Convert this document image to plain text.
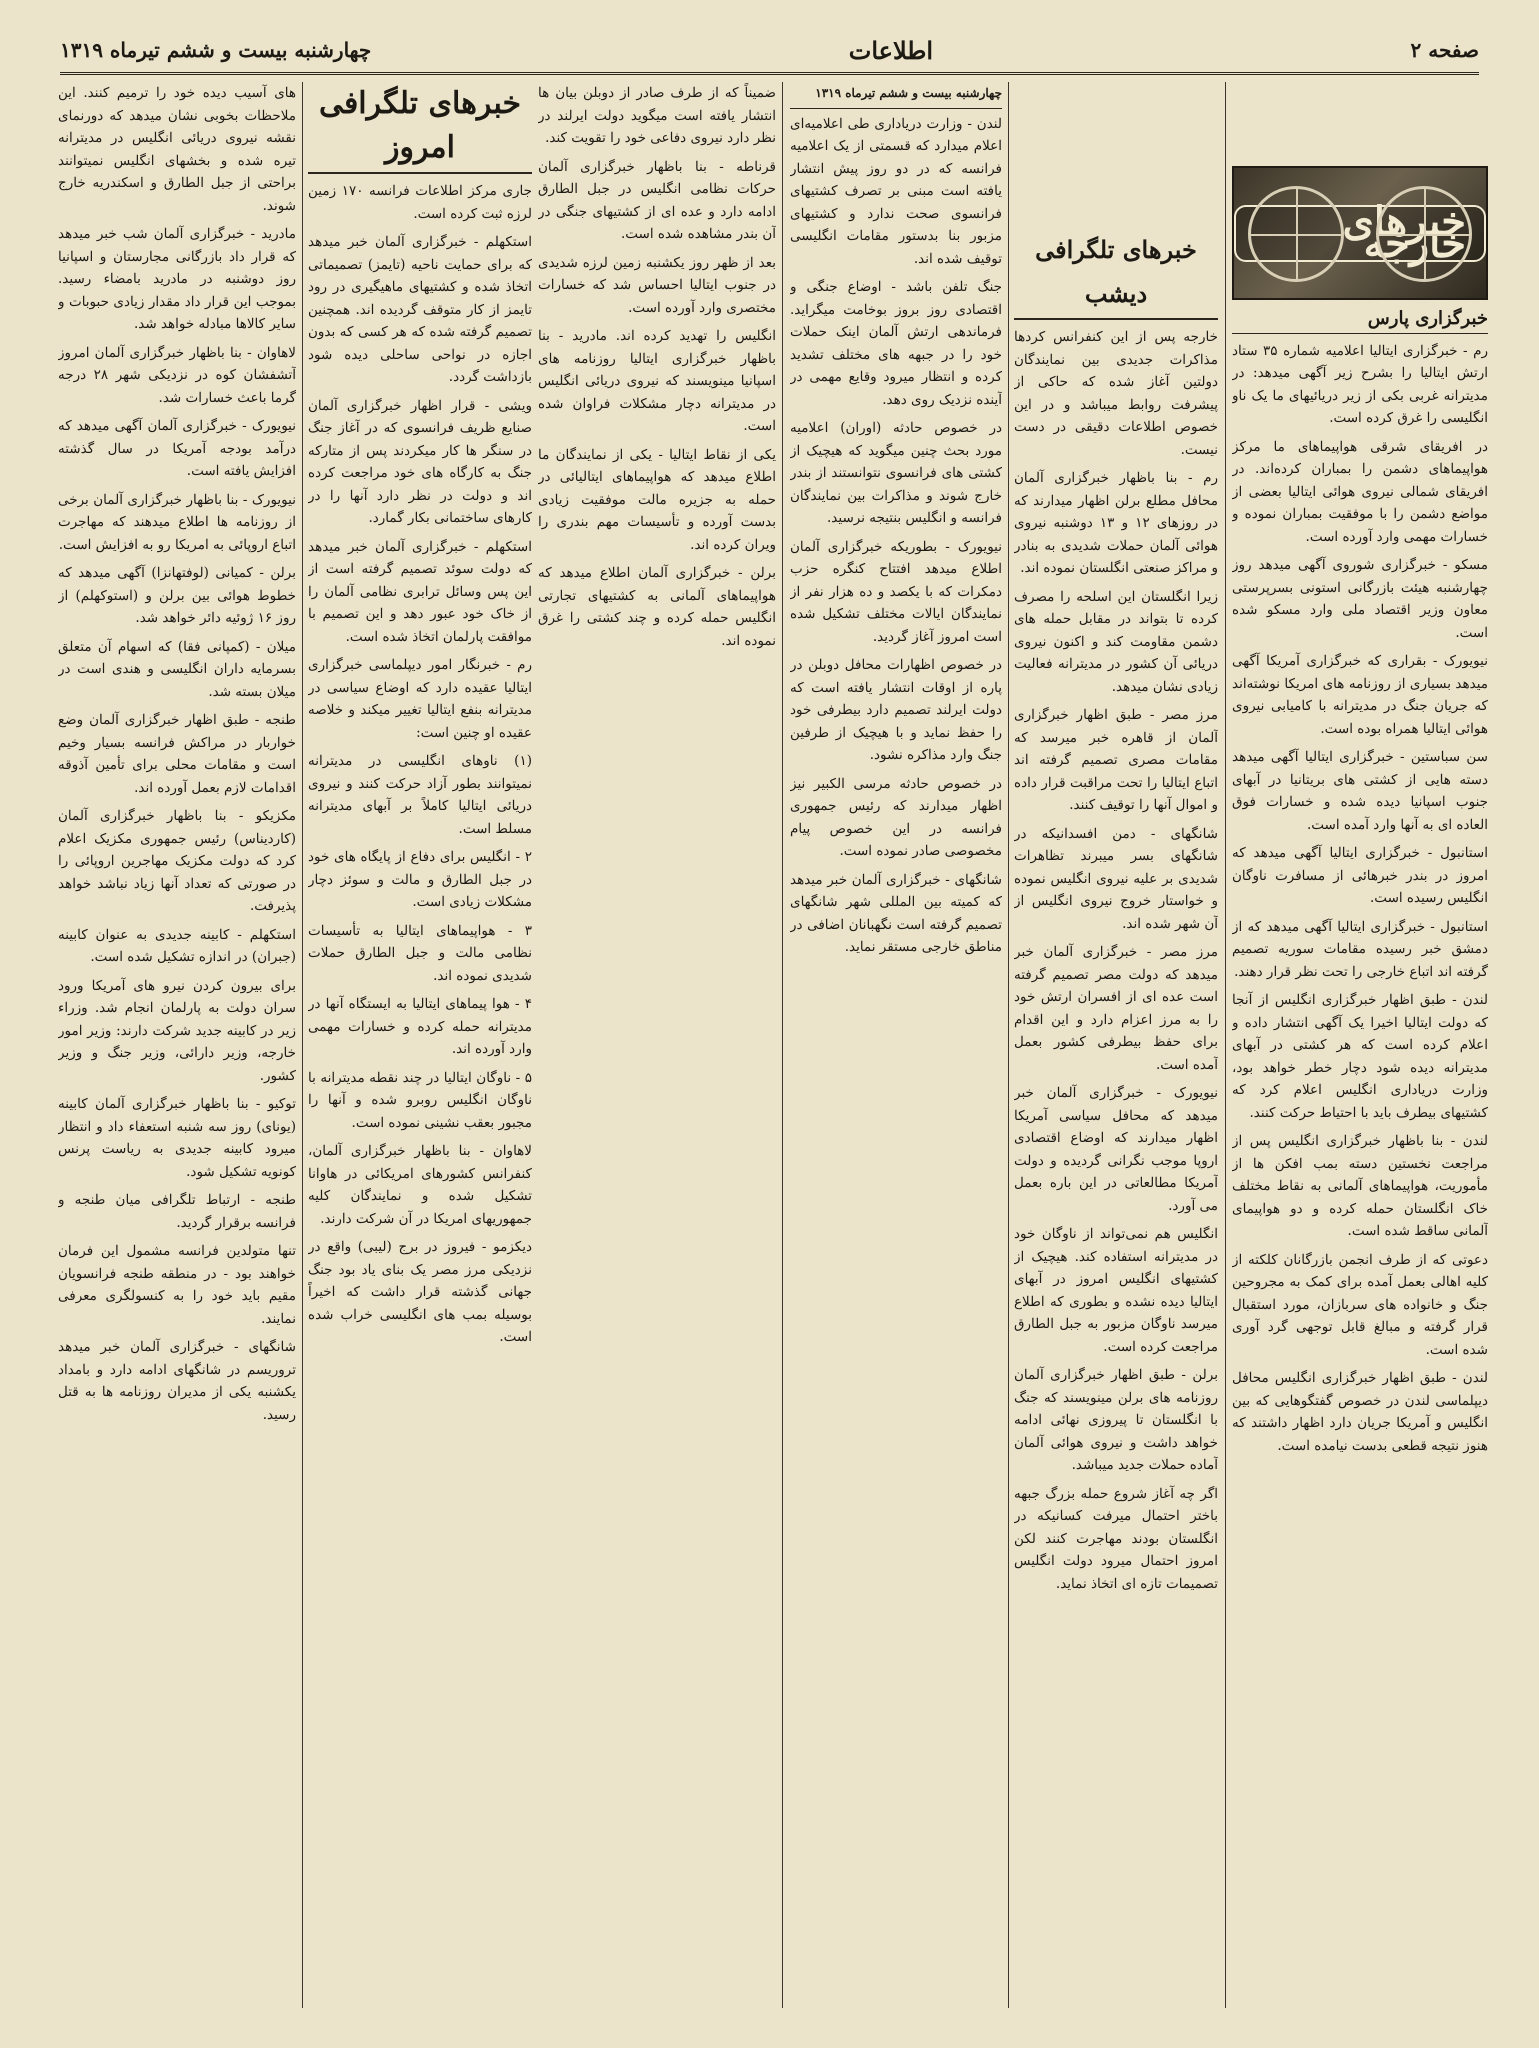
صفحه ۲
اطلاعات
چهارشنبه بیست و ششم تیرماه ۱۳۱۹
خبرهای خارجه
خبرگزاری پارس

رم - خبرگزاری ایتالیا اعلامیه شماره ۳۵ ستاد ارتش ایتالیا را بشرح زیر آگهی میدهد: در مدیترانه غربی بکی از زیر دریائیهای ما یک ناو انگلیسی را غرق کرده است.

در افریقای شرقی هواپیماهای ما مرکز هواپیماهای دشمن را بمباران کرده‌اند. در افریقای شمالی نیروی هوائی ایتالیا بعضی از مواضع دشمن را با موفقیت بمباران نموده و خسارات مهمی وارد آورده است.

مسکو - خبرگزاری شوروی آگهی میدهد روز چهارشنبه هیئت بازرگانی استونی بسرپرستی معاون وزیر اقتصاد ملی وارد مسکو شده است.

نیویورک - بقراری که خبرگزاری آمریکا آگهی میدهد بسیاری از روزنامه های امریکا نوشته‌اند که جریان جنگ در مدیترانه با کامیابی نیروی هوائی ایتالیا همراه بوده است.

سن سباستین - خبرگزاری ایتالیا آگهی میدهد دسته هایی از کشتی های بریتانیا در آبهای جنوب اسپانیا دیده شده و خسارات فوق العاده ای به آنها وارد آمده است.

استانبول - خبرگزاری ایتالیا آگهی میدهد که امروز در بندر خبرهائی از مسافرت ناوگان انگلیس رسیده است.

استانبول - خبرگزاری ایتالیا آگهی میدهد که از دمشق خبر رسیده مقامات سوریه تصمیم گرفته اند اتباع خارجی را تحت نظر قرار دهند.

لندن - طبق اظهار خبرگزاری انگلیس از آنجا که دولت ایتالیا اخیرا یک آگهی انتشار داده و اعلام کرده است که هر کشتی در آبهای مدیترانه دیده شود دچار خطر خواهد بود، وزارت دریاداری انگلیس اعلام کرد که کشتیهای بیطرف باید با احتیاط حرکت کنند.

لندن - بنا باظهار خبرگزاری انگلیس پس از مراجعت نخستین دسته بمب افکن ها از مأموریت، هواپیماهای آلمانی به نقاط مختلف خاک انگلستان حمله کرده و دو هواپیمای آلمانی ساقط شده است.

دعوتی که از طرف انجمن بازرگانان کلکته از کلیه اهالی بعمل آمده برای کمک به مجروحین جنگ و خانواده های سربازان، مورد استقبال قرار گرفته و مبالغ قابل توجهی گرد آوری شده است.

لندن - طبق اظهار خبرگزاری انگلیس محافل دیپلماسی لندن در خصوص گفتگوهایی که بین انگلیس و آمریکا جریان دارد اظهار داشتند که هنوز نتیجه قطعی بدست نیامده است.

خبرهای تلگرافی دیشب

خارجه پس از این کنفرانس کردها مذاکرات جدیدی بین نمایندگان دولتین آغاز شده که حاکی از پیشرفت روابط میباشد و در این خصوص اطلاعات دقیقی در دست نیست.

رم - بنا باظهار خبرگزاری آلمان محافل مطلع برلن اظهار میدارند که در روزهای ۱۲ و ۱۳ دوشنبه نیروی هوائی آلمان حملات شدیدی به بنادر و مراکز صنعتی انگلستان نموده اند.

زیرا انگلستان این اسلحه را مصرف کرده تا بتواند در مقابل حمله های دشمن مقاومت کند و اکنون نیروی دریائی آن کشور در مدیترانه فعالیت زیادی نشان میدهد.

مرز مصر - طبق اظهار خبرگزاری آلمان از قاهره خبر میرسد که مقامات مصری تصمیم گرفته اند اتباع ایتالیا را تحت مراقبت قرار داده و اموال آنها را توقیف کنند.

شانگهای - دمن افسدانیکه در شانگهای بسر میبرند تظاهرات شدیدی بر علیه نیروی انگلیس نموده و خواستار خروج نیروی انگلیس از آن شهر شده اند.

مرز مصر - خبرگزاری آلمان خبر میدهد که دولت مصر تصمیم گرفته است عده ای از افسران ارتش خود را به مرز اعزام دارد و این اقدام برای حفظ بیطرفی کشور بعمل آمده است.

نیویورک - خبرگزاری آلمان خبر میدهد که محافل سیاسی آمریکا اظهار میدارند که اوضاع اقتصادی اروپا موجب نگرانی گردیده و دولت آمریکا مطالعاتی در این باره بعمل می آورد.

انگلیس هم نمی‌تواند از ناوگان خود در مدیترانه استفاده کند. هیچیک از کشتیهای انگلیس امروز در آبهای ایتالیا دیده نشده و بطوری که اطلاع میرسد ناوگان مزبور به جبل الطارق مراجعت کرده است.

برلن - طبق اظهار خبرگزاری آلمان روزنامه های برلن مینویسند که جنگ با انگلستان تا پیروزی نهائی ادامه خواهد داشت و نیروی هوائی آلمان آماده حملات جدید میباشد.

اگر چه آغاز شروع حمله بزرگ جبهه باختر احتمال میرفت کسانیکه در انگلستان بودند مهاجرت کنند لکن امروز احتمال میرود دولت انگلیس تصمیمات تازه ای اتخاذ نماید.

چهارشنبه بیست و ششم تیرماه ۱۳۱۹

لندن - وزارت دریاداری طی اعلامیه‌ای اعلام میدارد که قسمتی از یک اعلامیه فرانسه که در دو روز پیش انتشار یافته است مبنی بر تصرف کشتیهای فرانسوی صحت ندارد و کشتیهای مزبور بنا بدستور مقامات انگلیسی توقیف شده اند.

جنگ تلفن باشد - اوضاع جنگی و اقتصادی روز بروز بوخامت میگراید. فرماندهی ارتش آلمان اینک حملات خود را در جبهه های مختلف تشدید کرده و انتظار میرود وقایع مهمی در آینده نزدیک روی دهد.

در خصوص حادثه (اوران) اعلامیه مورد بحث چنین میگوید که هیچیک از کشتی های فرانسوی نتوانستند از بندر خارج شوند و مذاکرات بین نمایندگان فرانسه و انگلیس بنتیجه نرسید.

نیویورک - بطوریکه خبرگزاری آلمان اطلاع میدهد افتتاح کنگره حزب دمکرات که با یکصد و ده هزار نفر از نمایندگان ایالات مختلف تشکیل شده است امروز آغاز گردید.

در خصوص اظهارات محافل دوبلن در پاره از اوقات انتشار یافته است که دولت ایرلند تصمیم دارد بیطرفی خود را حفظ نماید و با هیچیک از طرفین جنگ وارد مذاکره نشود.

در خصوص حادثه مرسی الکبیر نیز اظهار میدارند که رئیس جمهوری فرانسه در این خصوص پیام مخصوصی صادر نموده است.

شانگهای - خبرگزاری آلمان خبر میدهد که کمیته بین المللی شهر شانگهای تصمیم گرفته است نگهبانان اضافی در مناطق خارجی مستقر نماید.

ضمیناً که از طرف صادر از دوبلن بیان ها انتشار یافته است میگوید دولت ایرلند در نظر دارد نیروی دفاعی خود را تقویت کند.

قرناطه - بنا باظهار خبرگزاری آلمان حرکات نظامی انگلیس در جبل الطارق ادامه دارد و عده ای از کشتیهای جنگی در آن بندر مشاهده شده است.

بعد از ظهر روز یکشنبه زمین لرزه شدیدی در جنوب ایتالیا احساس شد که خسارات مختصری وارد آورده است.

انگلیس را تهدید کرده اند. مادرید - بنا باظهار خبرگزاری ایتالیا روزنامه های اسپانیا مینویسند که نیروی دریائی انگلیس در مدیترانه دچار مشکلات فراوان شده است.

یکی از نقاط ایتالیا - یکی از نمایندگان ما اطلاع میدهد که هواپیماهای ایتالیائی در حمله به جزیره مالت موفقیت زیادی بدست آورده و تأسیسات مهم بندری را ویران کرده اند.

برلن - خبرگزاری آلمان اطلاع میدهد که هواپیماهای آلمانی به کشتیهای تجارتی انگلیس حمله کرده و چند کشتی را غرق نموده اند.

خبرهای تلگرافی امروز

جاری مرکز اطلاعات فرانسه ۱۷۰ زمین لرزه ثبت کرده است.

استکهلم - خبرگزاری آلمان خبر میدهد که برای حمایت ناحیه (تایمز) تصمیماتی اتخاذ شده و کشتیهای ماهیگیری در رود تایمز از کار متوقف گردیده اند. همچنین تصمیم گرفته شده که هر کسی که بدون اجازه در نواحی ساحلی دیده شود بازداشت گردد.

ویشی - قرار اظهار خبرگزاری آلمان صنایع ظریف فرانسوی که در آغاز جنگ در سنگر ها کار میکردند پس از متارکه جنگ به کارگاه های خود مراجعت کرده اند و دولت در نظر دارد آنها را در کارهای ساختمانی بکار گمارد.

استکهلم - خبرگزاری آلمان خبر میدهد که دولت سوئد تصمیم گرفته است از این پس وسائل ترابری نظامی آلمان را از خاک خود عبور دهد و این تصمیم با موافقت پارلمان اتخاذ شده است.

رم - خبرنگار امور دیپلماسی خبرگزاری ایتالیا عقیده دارد که اوضاع سیاسی در مدیترانه بنفع ایتالیا تغییر میکند و خلاصه عقیده او چنین است:

(۱) ناوهای انگلیسی در مدیترانه نمیتوانند بطور آزاد حرکت کنند و نیروی دریائی ایتالیا کاملاً بر آبهای مدیترانه مسلط است.

۲ - انگلیس برای دفاع از پایگاه های خود در جبل الطارق و مالت و سوئز دچار مشکلات زیادی است.

۳ - هواپیماهای ایتالیا به تأسیسات نظامی مالت و جبل الطارق حملات شدیدی نموده اند.

۴ - هوا پیماهای ایتالیا به ایستگاه آنها در مدیترانه حمله کرده و خسارات مهمی وارد آورده اند.

۵ - ناوگان ایتالیا در چند نقطه مدیترانه با ناوگان انگلیس روبرو شده و آنها را مجبور بعقب نشینی نموده است.

لاهاوان - بنا باظهار خبرگزاری آلمان، کنفرانس کشورهای امریکائی در هاوانا تشکیل شده و نمایندگان کلیه جمهوریهای امریکا در آن شرکت دارند.

دیکزمو - فیروز در برج (لیبی) واقع در نزدیکی مرز مصر یک بنای یاد بود جنگ جهانی گذشته قرار داشت که اخیراً بوسیله بمب های انگلیسی خراب شده است.

های آسیب دیده خود را ترمیم کنند. این ملاحظات بخوبی نشان میدهد که دورنمای نقشه نیروی دریائی انگلیس در مدیترانه تیره شده و بخشهای انگلیس نمیتوانند براحتی از جبل الطارق و اسکندریه خارج شوند.

مادرید - خبرگزاری آلمان شب خبر میدهد که قرار داد بازرگانی مجارستان و اسپانیا روز دوشنبه در مادرید بامضاء رسید. بموجب این قرار داد مقدار زیادی حبوبات و سایر کالاها مبادله خواهد شد.

لاهاوان - بنا باظهار خبرگزاری آلمان امروز آتشفشان کوه در نزدیکی شهر ۲۸ درجه گرما باعث خسارات شد.

نیویورک - خبرگزاری آلمان آگهی میدهد که درآمد بودجه آمریکا در سال گذشته افزایش یافته است.

نیویورک - بنا باظهار خبرگزاری آلمان برخی از روزنامه ها اطلاع میدهند که مهاجرت اتباع اروپائی به امریکا رو به افزایش است.

برلن - کمیانی (لوفتهانزا) آگهی میدهد که خطوط هوائی بین برلن و (استوکهلم) از روز ۱۶ ژوئیه دائر خواهد شد.

میلان - (کمپانی فقا) که اسهام آن متعلق بسرمایه داران انگلیسی و هندی است در میلان بسته شد.

طنجه - طبق اظهار خبرگزاری آلمان وضع خواربار در مراکش فرانسه بسیار وخیم است و مقامات محلی برای تأمین آذوقه اقدامات لازم بعمل آورده اند.

مکزیکو - بنا باظهار خبرگزاری آلمان (کاردیناس) رئیس جمهوری مکزیک اعلام کرد که دولت مکزیک مهاجرین اروپائی را در صورتی که تعداد آنها زیاد نباشد خواهد پذیرفت.

استکهلم - کابینه جدیدی به عنوان کابینه (جبران) در اندازه تشکیل شده است.

برای بیرون کردن نیرو های آمریکا ورود سران دولت به پارلمان انجام شد. وزراء زیر در کابینه جدید شرکت دارند: وزیر امور خارجه، وزیر دارائی، وزیر جنگ و وزیر کشور.

توکیو - بنا باظهار خبرگزاری آلمان کابینه (یونای) روز سه شنبه استعفاء داد و انتظار میرود کابینه جدیدی به ریاست پرنس کونویه تشکیل شود.

طنجه - ارتباط تلگرافی میان طنجه و فرانسه برقرار گردید.

تنها متولدین فرانسه مشمول این فرمان خواهند بود - در منطقه طنجه فرانسویان مقیم باید خود را به کنسولگری معرفی نمایند.

شانگهای - خبرگزاری آلمان خبر میدهد تروریسم در شانگهای ادامه دارد و بامداد یکشنبه یکی از مدیران روزنامه ها به قتل رسید.
